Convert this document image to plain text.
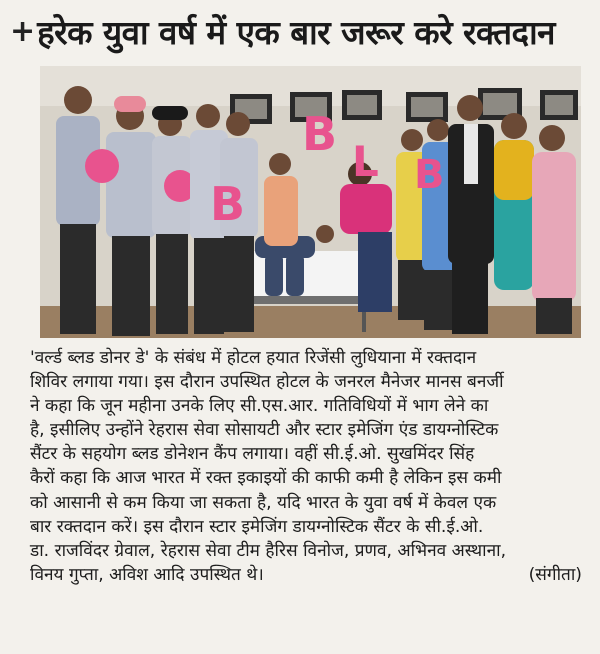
+ हरेक युवा वर्ष में एक बार जरूर करे रक्तदान
B
B
L B
'वर्ल्ड ब्लड डोनर डे' के संबंध में होटल हयात रिजेंसी लुधियाना में रक्तदान
शिविर लगाया गया। इस दौरान उपस्थित होटल के जनरल मैनेजर मानस बनर्जी
ने कहा कि जून महीना उनके लिए सी.एस.आर. गतिविधियों में भाग लेने का
है, इसीलिए उन्होंने रेहरास सेवा सोसायटी और स्टार इमेजिंग एंड डायग्नोस्टिक
सैंटर के सहयोग ब्लड डोनेशन कैंप लगाया। वहीं सी.ई.ओ. सुखमिंदर सिंह
कैरों कहा कि आज भारत में रक्त इकाइयों की काफी कमी है लेकिन इस कमी
को आसानी से कम किया जा सकता है, यदि भारत के युवा वर्ष में केवल एक
बार रक्तदान करें। इस दौरान स्टार इमेजिंग डायग्नोस्टिक सैंटर के सी.ई.ओ.
डा. राजविंदर ग्रेवाल, रेहरास सेवा टीम हैरिस विनोज, प्रणव, अभिनव अस्थाना,
विनय गुप्ता, अविश आदि उपस्थित थे।	(संगीता)
